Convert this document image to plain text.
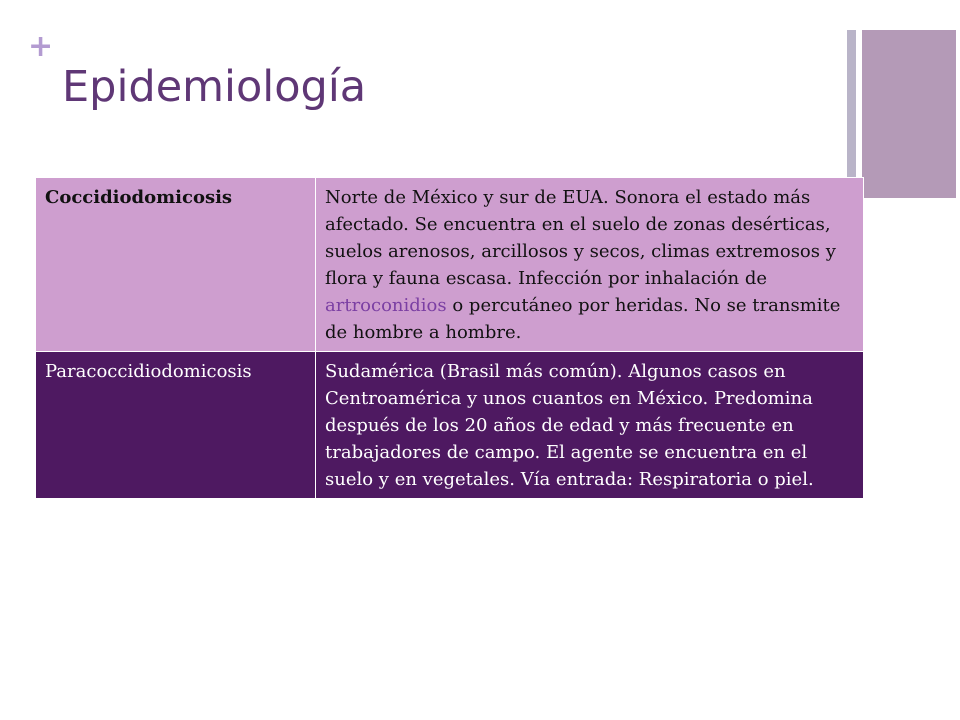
+
Epidemiología
Coccidiodomicosis	Norte de México y sur de EUA. Sonora el estado más afectado. Se encuentra en el suelo de zonas desérticas, suelos arenosos, arcillosos y secos, climas extremosos y flora y fauna escasa. Infección por inhalación de artroconidios o percutáneo por heridas. No se transmite de hombre a hombre.
Paracoccidiodomicosis	Sudamérica (Brasil más común). Algunos casos en Centroamérica y unos cuantos en México. Predomina después de los 20 años de edad y más frecuente en trabajadores de campo. El agente se encuentra en el suelo y en vegetales. Vía entrada: Respiratoria o piel.
